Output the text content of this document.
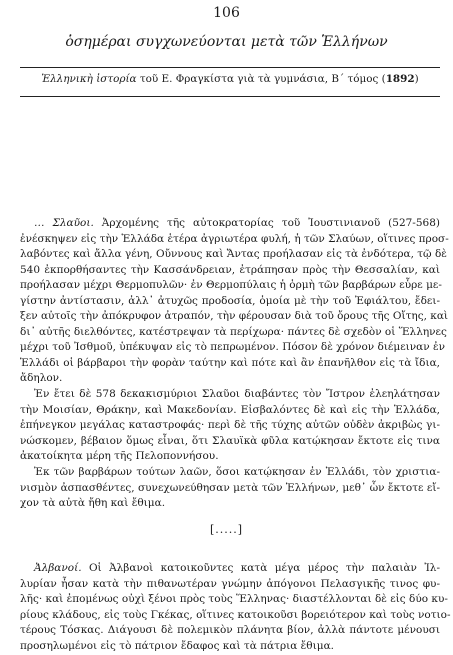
106
ὁσημέραι συγχωνεύονται μετὰ τῶν Ἑλλήνων
Ἑλληνικὴ ἱστορία τοῦ Ε. Φραγκίστα γιὰ τὰ γυμνάσια, Β΄ τόμος (1892)
… Σλαῦοι. Ἀρχομένης τῆς αὐτοκρατορίας τοῦ Ἰουστινιανοῦ (527-568)
ἐνέσκηψεν εἰς τὴν Ἑλλάδα ἑτέρα ἀγριωτέρα φυλή, ἡ τῶν Σλαύων, οἵτινες προσ-
λαβόντες καὶ ἄλλα γένη, Οὔννους καὶ Ἄντας προήλασαν εἰς τὰ ἐνδότερα, τῷ δὲ
540 ἐκπορθήσαντες τὴν Κασσάνδρειαν, ἐτράπησαν πρὸς τὴν Θεσσαλίαν, καὶ
προήλασαν μέχρι Θερμοπυλῶν· ἐν Θερμοπύλαις ἡ ὁρμὴ τῶν βαρβάρων εὗρε με-
γίστην ἀντίστασιν, ἀλλ᾽ ἀτυχῶς προδοσία, ὁμοία μὲ τὴν τοῦ Ἐφιάλτου, ἔδει-
ξεν αὐτοῖς τὴν ἀπόκρυφον ἀτραπόν, τὴν φέρουσαν διὰ τοῦ ὄρους τῆς Οἴτης, καὶ
δι᾽ αὐτῆς διελθόντες, κατέστρεψαν τὰ περίχωρα· πάντες δὲ σχεδὸν οἱ Ἕλληνες
μέχρι τοῦ Ἰσθμοῦ, ὑπέκυψαν εἰς τὸ πεπρωμένον. Πόσον δὲ χρόνον διέμειναν ἐν
Ἑλλάδι οἱ βάρβαροι τὴν φορὰν ταύτην καὶ πότε καὶ ἂν ἐπανῆλθον εἰς τὰ ἴδια,
ἄδηλον.
Ἐν ἔτει δὲ 578 δεκακισμύριοι Σλαῦοι διαβάντες τὸν Ἴστρον ἐλεηλάτησαν
τὴν Μοισίαν, Θράκην, καὶ Μακεδονίαν. Εἰσβαλόντες δὲ καὶ εἰς τὴν Ἑλλάδα,
ἐπήνεγκον μεγάλας καταστροφάς· περὶ δὲ τῆς τύχης αὐτῶν οὐδὲν ἀκριβὼς γι-
νώσκομεν, βέβαιον ὅμως εἶναι, ὅτι Σλαυϊκὰ φῦλα κατῴκησαν ἔκτοτε εἰς τινα
ἀκατοίκητα μέρη τῆς Πελοποννήσου.
Ἐκ τῶν βαρβάρων τούτων λαῶν, ὅσοι κατῴκησαν ἐν Ἑλλάδι, τὸν χριστια-
νισμὸν ἀσπασθέντες, συνεχωνεύθησαν μετὰ τῶν Ἑλλήνων, μεθ᾽ ὧν ἔκτοτε εἴ-
χον τὰ αὐτὰ ἤθη καὶ ἔθιμα.
[.....]
Ἀλβανοί. Οἱ Ἀλβανοὶ κατοικοῦντες κατὰ μέγα μέρος τὴν παλαιὰν Ἰλ-
λυρίαν ἦσαν κατὰ τὴν πιθανωτέραν γνώμην ἀπόγονοι Πελασγικῆς τινος φυ-
λῆς· καὶ ἐπομένως οὐχὶ ξένοι πρὸς τοὺς Ἕλληνας· διαστέλλονται δὲ εἰς δύο κυ-
ρίους κλάδους, εἰς τοὺς Γκέκας, οἵτινες κατοικοῦσι βορειότερον καὶ τοὺς νοτιο-
τέρους Τόσκας. Διάγουσι δὲ πολεμικὸν πλάνητα βίον, ἀλλὰ πάντοτε μένουσι
προσηλωμένοι εἰς τὸ πάτριον ἔδαφος καὶ τὰ πάτρια ἔθιμα.
